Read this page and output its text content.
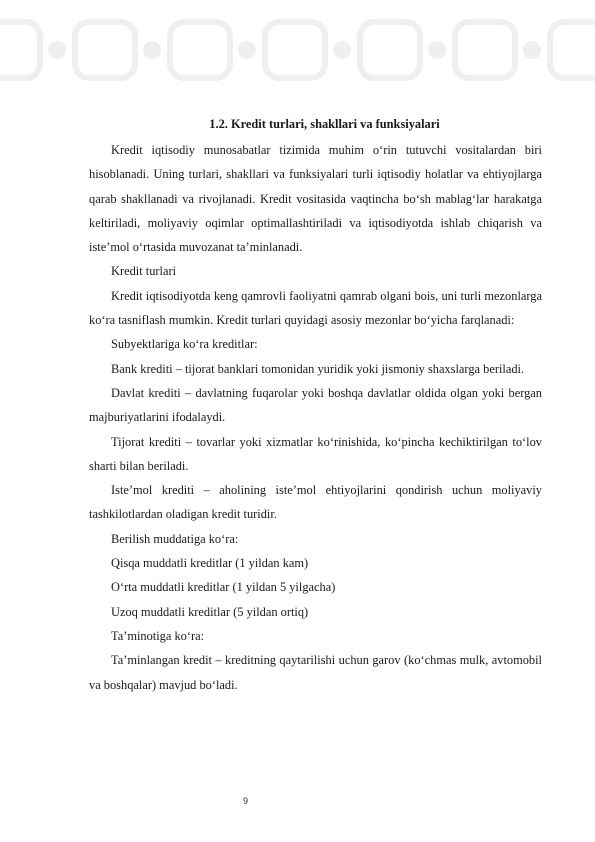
1.2. Kredit turlari, shakllari va funksiyalari

Kredit iqtisodiy munosabatlar tizimida muhim o‘rin tutuvchi vositalardan biri hisoblanadi. Uning turlari, shakllari va funksiyalari turli iqtisodiy holatlar va ehtiyojlarga qarab shakllanadi va rivojlanadi. Kredit vositasida vaqtincha bo‘sh mablag‘lar harakatga keltiriladi, moliyaviy oqimlar optimallashtiriladi va iqtisodiyotda ishlab chiqarish va iste’mol o‘rtasida muvozanat ta’minlanadi.

Kredit turlari

Kredit iqtisodiyotda keng qamrovli faoliyatni qamrab olgani bois, uni turli mezonlarga ko‘ra tasniflash mumkin. Kredit turlari quyidagi asosiy mezonlar bo‘yicha farqlanadi:

Subyektlariga ko‘ra kreditlar:

Bank krediti – tijorat banklari tomonidan yuridik yoki jismoniy shaxslarga beriladi.

Davlat krediti – davlatning fuqarolar yoki boshqa davlatlar oldida olgan yoki bergan majburiyatlarini ifodalaydi.

Tijorat krediti – tovarlar yoki xizmatlar ko‘rinishida, ko‘pincha kechiktirilgan to‘lov sharti bilan beriladi.

Iste’mol krediti – aholining iste’mol ehtiyojlarini qondirish uchun moliyaviy tashkilotlardan oladigan kredit turidir.

Berilish muddatiga ko‘ra:

Qisqa muddatli kreditlar (1 yildan kam)

O‘rta muddatli kreditlar (1 yildan 5 yilgacha)

Uzoq muddatli kreditlar (5 yildan ortiq)

Ta’minotiga ko‘ra:

Ta’minlangan kredit – kreditning qaytarilishi uchun garov (ko‘chmas mulk, avtomobil va boshqalar) mavjud bo‘ladi.

9
